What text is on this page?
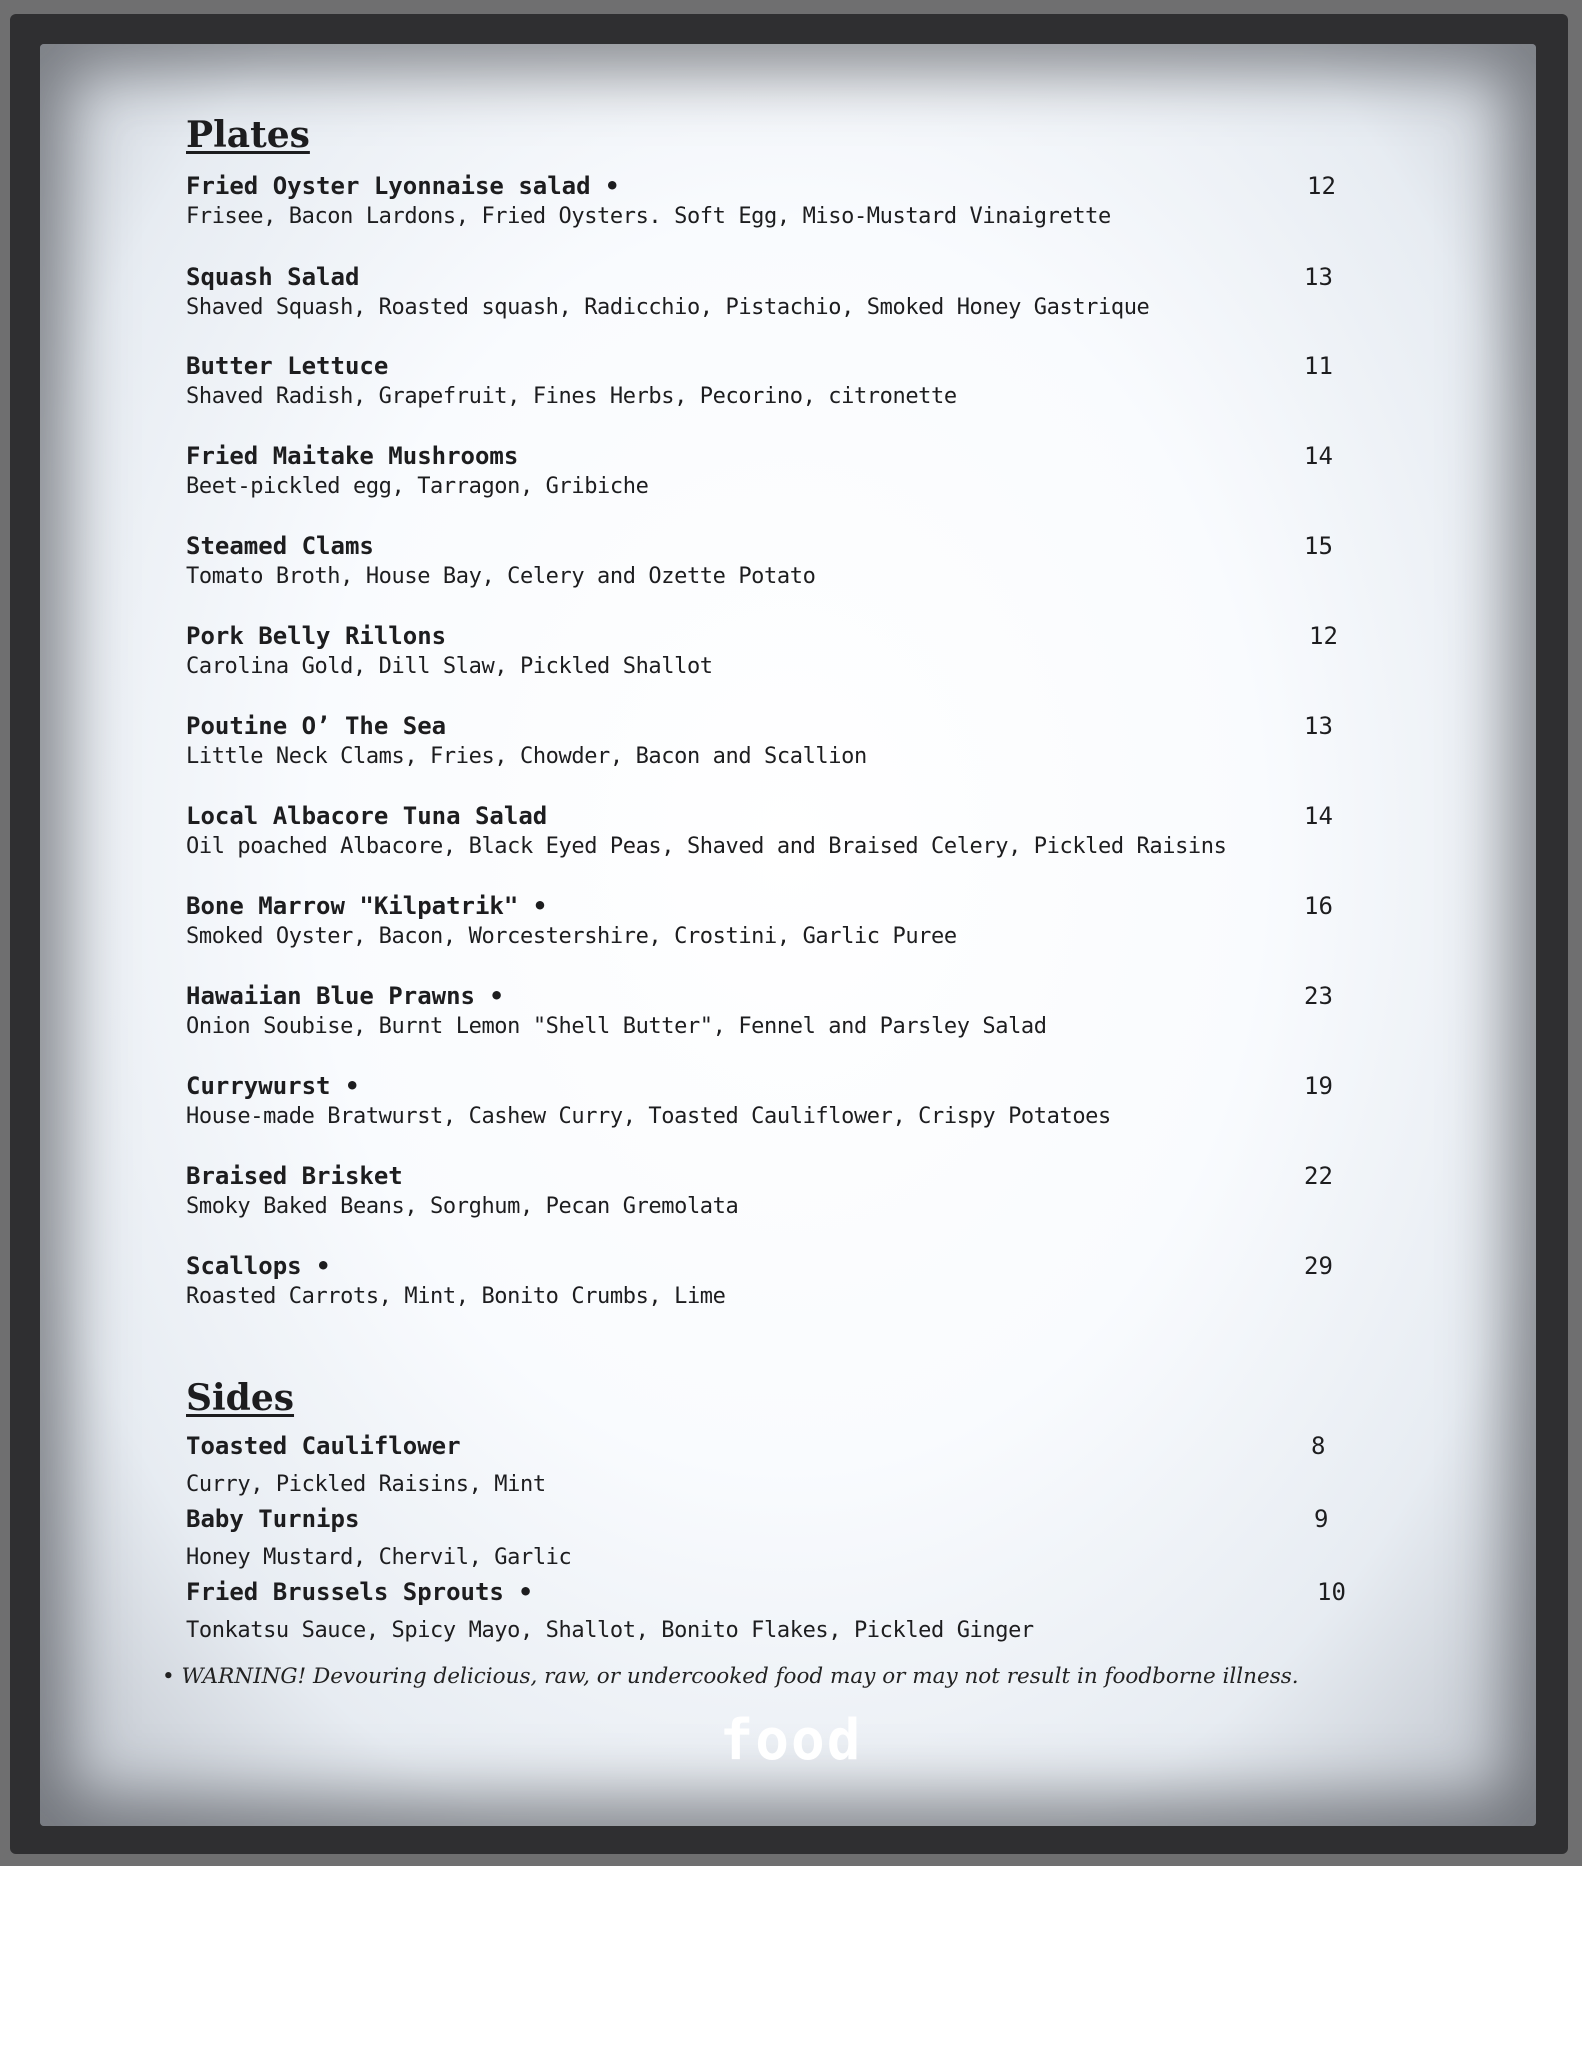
Plates
Fried Oyster Lyonnaise salad •
Frisee, Bacon Lardons, Fried Oysters. Soft Egg, Miso-Mustard Vinaigrette
12
Squash Salad
Shaved Squash, Roasted squash, Radicchio, Pistachio, Smoked Honey Gastrique
13
Butter Lettuce
Shaved Radish, Grapefruit, Fines Herbs, Pecorino, citronette
11
Fried Maitake Mushrooms
Beet-pickled egg, Tarragon, Gribiche
14
Steamed Clams
Tomato Broth, House Bay, Celery and Ozette Potato
15
Pork Belly Rillons
Carolina Gold, Dill Slaw, Pickled Shallot
12
Poutine O’ The Sea
Little Neck Clams, Fries, Chowder, Bacon and Scallion
13
Local Albacore Tuna Salad
Oil poached Albacore, Black Eyed Peas, Shaved and Braised Celery, Pickled Raisins
14
Bone Marrow "Kilpatrik" •
Smoked Oyster, Bacon, Worcestershire, Crostini, Garlic Puree
16
Hawaiian Blue Prawns •
Onion Soubise, Burnt Lemon "Shell Butter", Fennel and Parsley Salad
23
Currywurst •
House-made Bratwurst, Cashew Curry, Toasted Cauliflower, Crispy Potatoes
19
Braised Brisket
Smoky Baked Beans, Sorghum, Pecan Gremolata
22
Scallops •
Roasted Carrots, Mint, Bonito Crumbs, Lime
29
Sides
Toasted Cauliflower
Curry, Pickled Raisins, Mint
8
Baby Turnips
Honey Mustard, Chervil, Garlic
9
Fried Brussels Sprouts •
Tonkatsu Sauce, Spicy Mayo, Shallot, Bonito Flakes, Pickled Ginger
10
• WARNING! Devouring delicious, raw, or undercooked food may or may not result in foodborne illness.
food
